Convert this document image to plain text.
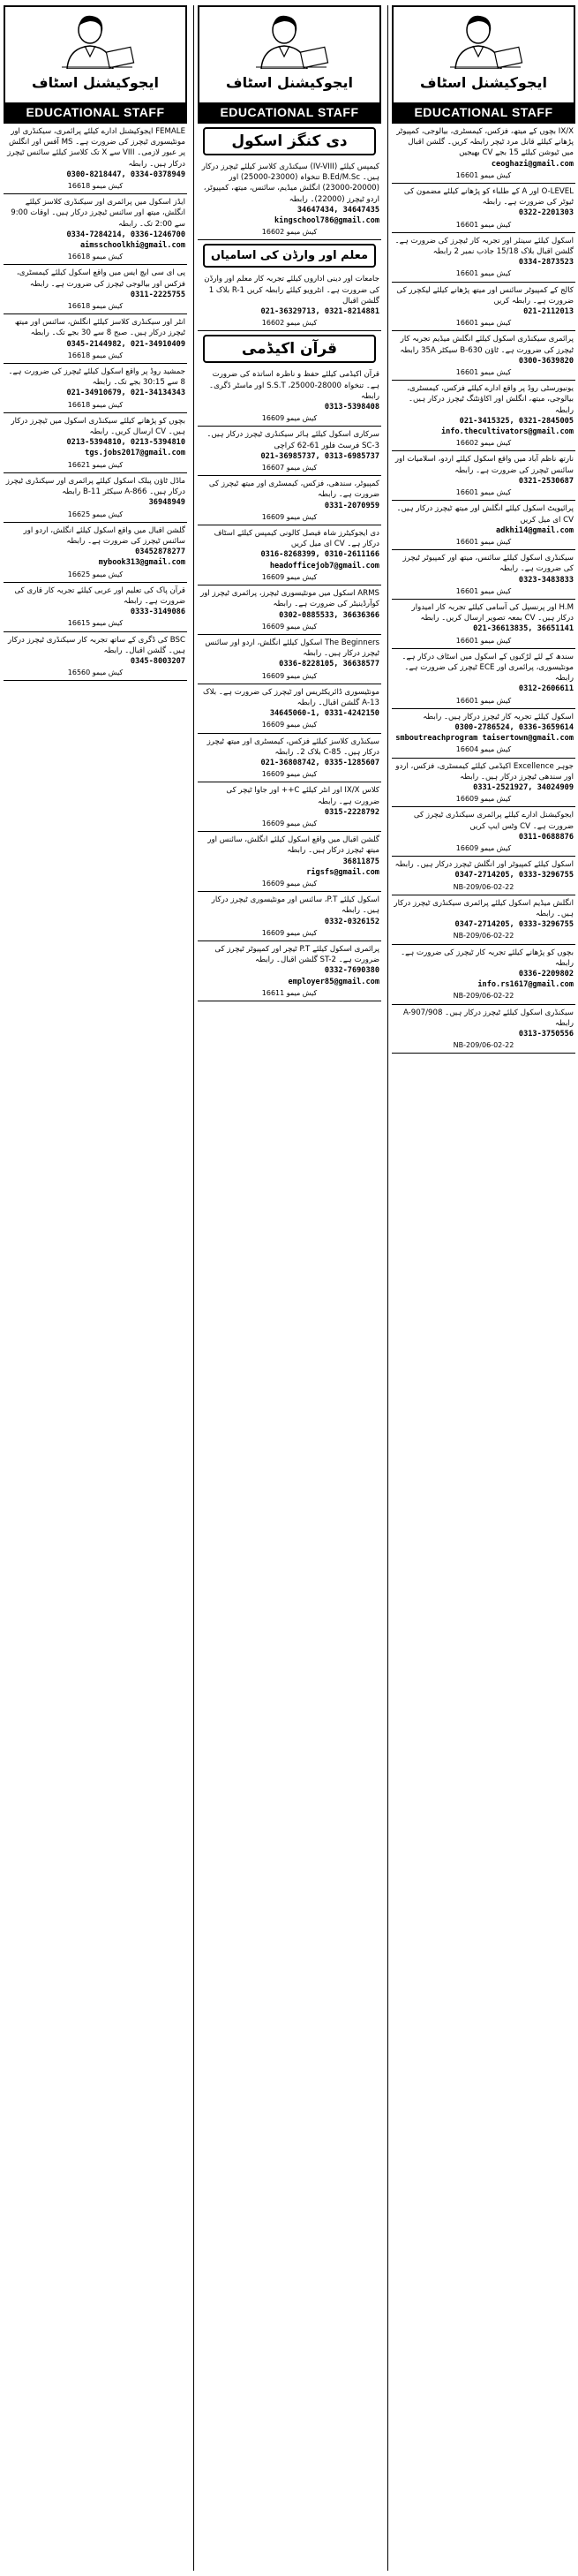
ایجوکیشنل اسٹاف
EDUCATIONAL STAFF
IX/X بچوں کے میتھ، فزکس، کیمسٹری، بیالوجی، کمپیوٹر پڑھانے کیلئے قابل مرد ٹیچر رابطہ کریں۔ گلشن اقبال میں ٹیوشن کیلئے 15 بجے CV بھیجیں
ceoghazi@gmail.com
کیش میمو 16601
O-LEVEL اور A کے طلباء کو پڑھانے کیلئے مضمون کی ٹیوٹر کی ضرورت ہے۔ رابطہ
0322-2201303
کیش میمو 16601
اسکول کیلئے سینئر اور تجربہ کار ٹیچرز کی ضرورت ہے۔ گلشن اقبال بلاک 15/18 جاذب نمبر 2 رابطہ
0334-2873523
کیش میمو 16601
کالج کے کمپیوٹر سائنس اور میتھ پڑھانے کیلئے لیکچرر کی ضرورت ہے۔ رابطہ کریں
021-2112013
کیش میمو 16601
پرائمری سیکنڈری اسکول کیلئے انگلش میڈیم تجربہ کار ٹیچرز کی ضرورت ہے۔ ٹاؤن B-630 سیکٹر 35A رابطہ
0300-3639820
کیش میمو 16601
یونیورسٹی روڈ پر واقع ادارے کیلئے فزکس، کیمسٹری، بیالوجی، میتھ، انگلش اور اکاؤنٹنگ ٹیچرز درکار ہیں۔ رابطہ
021-3415325, 0321-2845005
info.thecultivators@gmail.com
کیش میمو 16602
نارتھ ناظم آباد میں واقع اسکول کیلئے اردو، اسلامیات اور سائنس ٹیچرز کی ضرورت ہے۔ رابطہ
0321-2530687
کیش میمو 16601
پرائیویٹ اسکول کیلئے انگلش اور میتھ ٹیچرز درکار ہیں۔ CV ای میل کریں
adkhi14@gmail.com
کیش میمو 16601
سیکنڈری اسکول کیلئے سائنس، میتھ اور کمپیوٹر ٹیچرز کی ضرورت ہے۔ رابطہ
0323-3483833
کیش میمو 16601
H.M اور پرنسپل کی آسامی کیلئے تجربہ کار امیدوار درکار ہیں۔ CV بمعہ تصویر ارسال کریں۔ رابطہ
021-36613835, 36651141
کیش میمو 16601
سندھ کے لئے لڑکیوں کے اسکول میں اسٹاف درکار ہے۔ مونٹیسوری، پرائمری اور ECE ٹیچرز کی ضرورت ہے۔ رابطہ
0312-2606611
کیش میمو 16601
اسکول کیلئے تجربہ کار ٹیچرز درکار ہیں۔ رابطہ
0300-2786524, 0336-3659614
smboutreachprogram taisertown@gmail.com
کیش میمو 16604
جوہر Excellence اکیڈمی کیلئے کیمسٹری، فزکس، اردو اور سندھی ٹیچرز درکار ہیں۔ رابطہ
0331-2521927, 34024909
کیش میمو 16609
ایجوکیشنل ادارے کیلئے پرائمری سیکنڈری ٹیچرز کی ضرورت ہے۔ CV وٹس ایپ کریں
0311-0688876
کیش میمو 16609
اسکول کیلئے کمپیوٹر اور انگلش ٹیچرز درکار ہیں۔ رابطہ
0347-2714205, 0333-3296755
NB-209/06-02-22
انگلش میڈیم اسکول کیلئے پرائمری سیکنڈری ٹیچرز درکار ہیں۔ رابطہ
0347-2714205, 0333-3296755
NB-209/06-02-22
بچوں کو پڑھانے کیلئے تجربہ کار ٹیچرز کی ضرورت ہے۔ رابطہ
0336-2209802
info.rs1617@gmail.com
NB-209/06-02-22
سیکنڈری اسکول کیلئے ٹیچرز درکار ہیں۔ A-907/908 رابطہ
0313-3750556
NB-209/06-02-22
ایجوکیشنل اسٹاف
EDUCATIONAL STAFF
دی کنگز اسکول
کیمپس کیلئے (IV-VIII) سیکنڈری کلاسز کیلئے ٹیچرز درکار ہیں۔ B.Ed/M.Sc تنخواہ (23000-25000) اور (20000-23000) انگلش میڈیم، سائنس، میتھ، کمپیوٹر، اردو ٹیچرز (22000)۔ رابطہ
34647434, 34647435
kingschool786@gmail.com
کیش میمو 16602
معلم اور وارڈن کی اسامیاں
جامعات اور دینی اداروں کیلئے تجربہ کار معلم اور وارڈن کی ضرورت ہے۔ انٹرویو کیلئے رابطہ کریں R-1 بلاک 1 گلشن اقبال
021-36329713, 0321-8214881
کیش میمو 16602
قرآن اکیڈمی
قرآن اکیڈمی کیلئے حفظ و ناظرہ اساتذہ کی ضرورت ہے۔ تنخواہ 28000-25000، S.S.T اور ماسٹر ڈگری۔ رابطہ
0313-5398408
کیش میمو 16609
سرکاری اسکول کیلئے ہائر سیکنڈری ٹیچرز درکار ہیں۔ SC-3 فرسٹ فلور 61-62 کراچی
021-36985737, 0313-6985737
کیش میمو 16607
کمپیوٹر، سندھی، فزکس، کیمسٹری اور میتھ ٹیچرز کی ضرورت ہے۔ رابطہ
0331-2070959
کیش میمو 16609
دی ایجوکیٹرز شاہ فیصل کالونی کیمپس کیلئے اسٹاف درکار ہے۔ CV ای میل کریں
0316-8268399, 0310-2611166
headofficejob7@gmail.com
کیش میمو 16609
ARMS اسکول میں مونٹیسوری ٹیچرز، پرائمری ٹیچرز اور کوآرڈینیٹر کی ضرورت ہے۔ رابطہ
0302-0885533, 36636366
کیش میمو 16609
The Beginners اسکول کیلئے انگلش، اردو اور سائنس ٹیچرز درکار ہیں۔ رابطہ
0336-8228105, 36638577
کیش میمو 16609
مونٹیسوری ڈائریکٹریس اور ٹیچرز کی ضرورت ہے۔ بلاک 13-A گلشن اقبال۔ رابطہ
34645060-1, 0331-4242150
کیش میمو 16609
سیکنڈری کلاسز کیلئے فزکس، کیمسٹری اور میتھ ٹیچرز درکار ہیں۔ C-85 بلاک 2۔ رابطہ
021-36808742, 0335-1285607
کیش میمو 16609
کلاس IX/X اور انٹر کیلئے C++ اور جاوا ٹیچر کی ضرورت ہے۔ رابطہ
0315-2228792
کیش میمو 16609
گلشن اقبال میں واقع اسکول کیلئے انگلش، سائنس اور میتھ ٹیچرز درکار ہیں۔ رابطہ
36811875
rigsfs@gmail.com
کیش میمو 16609
اسکول کیلئے P.T، سائنس اور مونٹیسوری ٹیچرز درکار ہیں۔ رابطہ
0332-0326152
کیش میمو 16609
پرائمری اسکول کیلئے P.T ٹیچر اور کمپیوٹر ٹیچرز کی ضرورت ہے۔ ST-2 گلشن اقبال۔ رابطہ
0332-7690380
employer85@gmail.com
کیش میمو 16611
ایجوکیشنل اسٹاف
EDUCATIONAL STAFF
FEMALE ایجوکیشنل ادارے کیلئے پرائمری، سیکنڈری اور مونٹیسوری ٹیچرز کی ضرورت ہے۔ MS آفس اور انگلش پر عبور لازمی۔ VIII سے X تک کلاسز کیلئے سائنس ٹیچرز درکار ہیں۔ رابطہ
0300-8218447, 0334-0378949
کیش میمو 16618
ایڈز اسکول میں پرائمری اور سیکنڈری کلاسز کیلئے انگلش، میتھ اور سائنس ٹیچرز درکار ہیں۔ اوقات 9:00 سے 2:00 تک۔ رابطہ
0334-7284214, 0336-1246700
aimsschoolkhi@gmail.com
کیش میمو 16618
پی ای سی ایچ ایس میں واقع اسکول کیلئے کیمسٹری، فزکس اور بیالوجی ٹیچرز کی ضرورت ہے۔ رابطہ
0311-2225755
کیش میمو 16618
انٹر اور سیکنڈری کلاسز کیلئے انگلش، سائنس اور میتھ ٹیچرز درکار ہیں۔ صبح 8 سے 30 بجے تک۔ رابطہ
0345-2144982, 021-34910409
کیش میمو 16618
جمشید روڈ پر واقع اسکول کیلئے ٹیچرز کی ضرورت ہے۔ 8 سے 30:15 بجے تک۔ رابطہ
021-34910679, 021-34134343
کیش میمو 16618
بچوں کو پڑھانے کیلئے سیکنڈری اسکول میں ٹیچرز درکار ہیں۔ CV ارسال کریں۔ رابطہ
0213-5394810, 0213-5394810
tgs.jobs2017@gmail.com
کیش میمو 16621
ماڈل ٹاؤن پبلک اسکول کیلئے پرائمری اور سیکنڈری ٹیچرز درکار ہیں۔ A-866 سیکٹر B-11 رابطہ
36948949
کیش میمو 16625
گلشن اقبال میں واقع اسکول کیلئے انگلش، اردو اور سائنس ٹیچرز کی ضرورت ہے۔ رابطہ
03452878277
mybook313@gmail.com
کیش میمو 16625
قرآن پاک کی تعلیم اور عربی کیلئے تجربہ کار قاری کی ضرورت ہے۔ رابطہ
0333-3149086
کیش میمو 16615
BSC کی ڈگری کے ساتھ تجربہ کار سیکنڈری ٹیچرز درکار ہیں۔ گلشن اقبال۔ رابطہ
0345-8003207
کیش میمو 16560
